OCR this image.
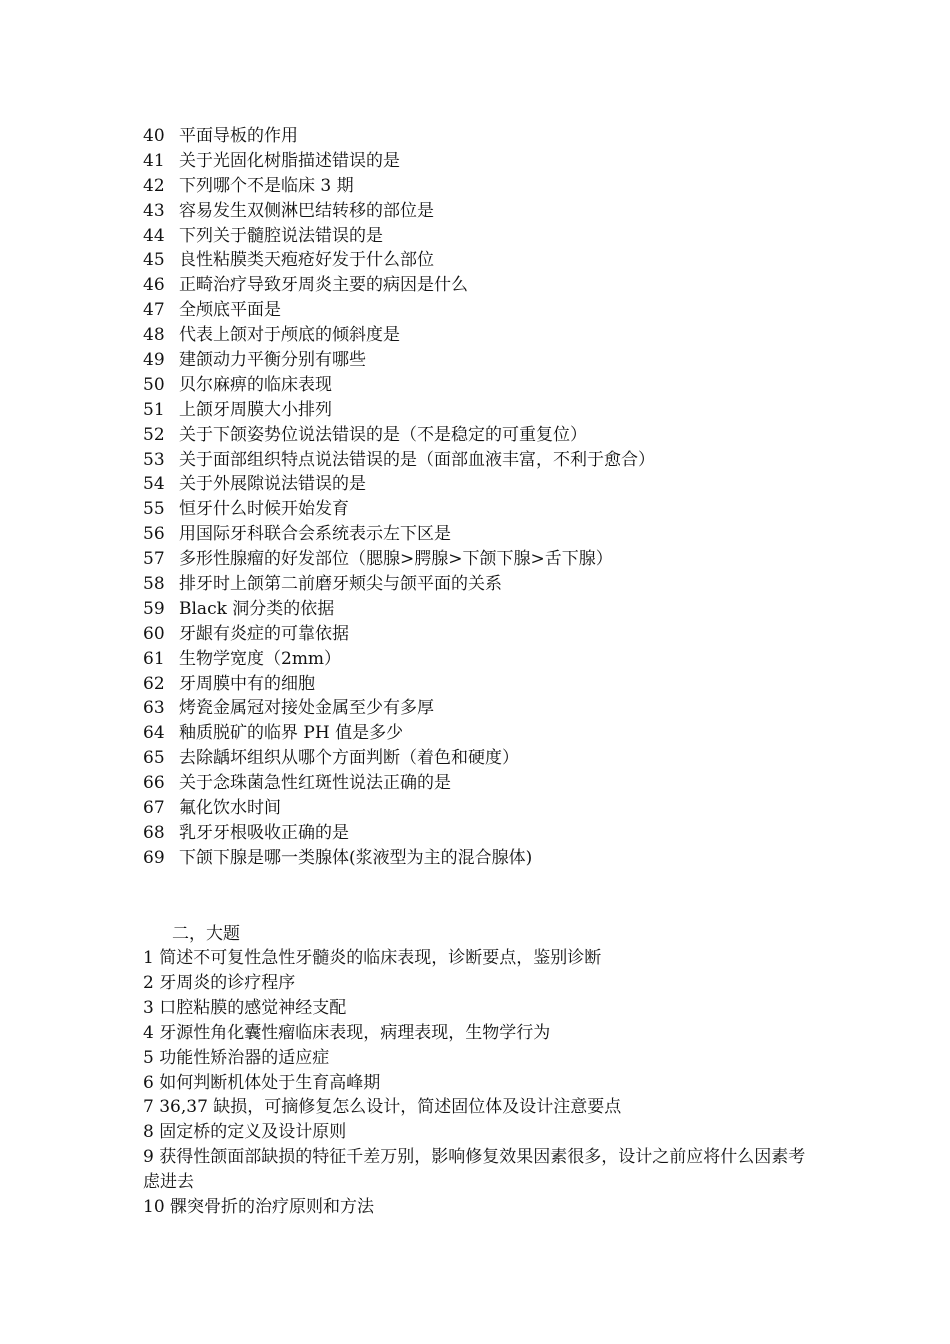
40 平面导板的作用
41 关于光固化树脂描述错误的是
42 下列哪个不是临床 3 期
43 容易发生双侧淋巴结转移的部位是
44 下列关于髓腔说法错误的是
45 良性粘膜类天疱疮好发于什么部位
46 正畸治疗导致牙周炎主要的病因是什么
47 全颅底平面是
48 代表上颌对于颅底的倾斜度是
49 建颌动力平衡分别有哪些
50 贝尔麻痹的临床表现
51 上颌牙周膜大小排列
52 关于下颌姿势位说法错误的是（不是稳定的可重复位）
53 关于面部组织特点说法错误的是（面部血液丰富，不利于愈合）
54 关于外展隙说法错误的是
55 恒牙什么时候开始发育
56 用国际牙科联合会系统表示左下区是
57 多形性腺瘤的好发部位（腮腺>腭腺>下颌下腺>舌下腺）
58 排牙时上颌第二前磨牙颊尖与颌平面的关系
59 Black 洞分类的依据
60 牙龈有炎症的可靠依据
61 生物学宽度（2mm）
62 牙周膜中有的细胞
63 烤瓷金属冠对接处金属至少有多厚
64 釉质脱矿的临界 PH 值是多少
65 去除龋坏组织从哪个方面判断（着色和硬度）
66 关于念珠菌急性红斑性说法正确的是
67 氟化饮水时间
68 乳牙牙根吸收正确的是
69 下颌下腺是哪一类腺体(浆液型为主的混合腺体)
二，大题
1 简述不可复性急性牙髓炎的临床表现，诊断要点，鉴别诊断
2 牙周炎的诊疗程序
3 口腔粘膜的感觉神经支配
4 牙源性角化囊性瘤临床表现，病理表现，生物学行为
5 功能性矫治器的适应症
6 如何判断机体处于生育高峰期
7 36,37 缺损，可摘修复怎么设计，简述固位体及设计注意要点
8 固定桥的定义及设计原则
9 获得性颌面部缺损的特征千差万别，影响修复效果因素很多，设计之前应将什么因素考虑进去
10 髁突骨折的治疗原则和方法
